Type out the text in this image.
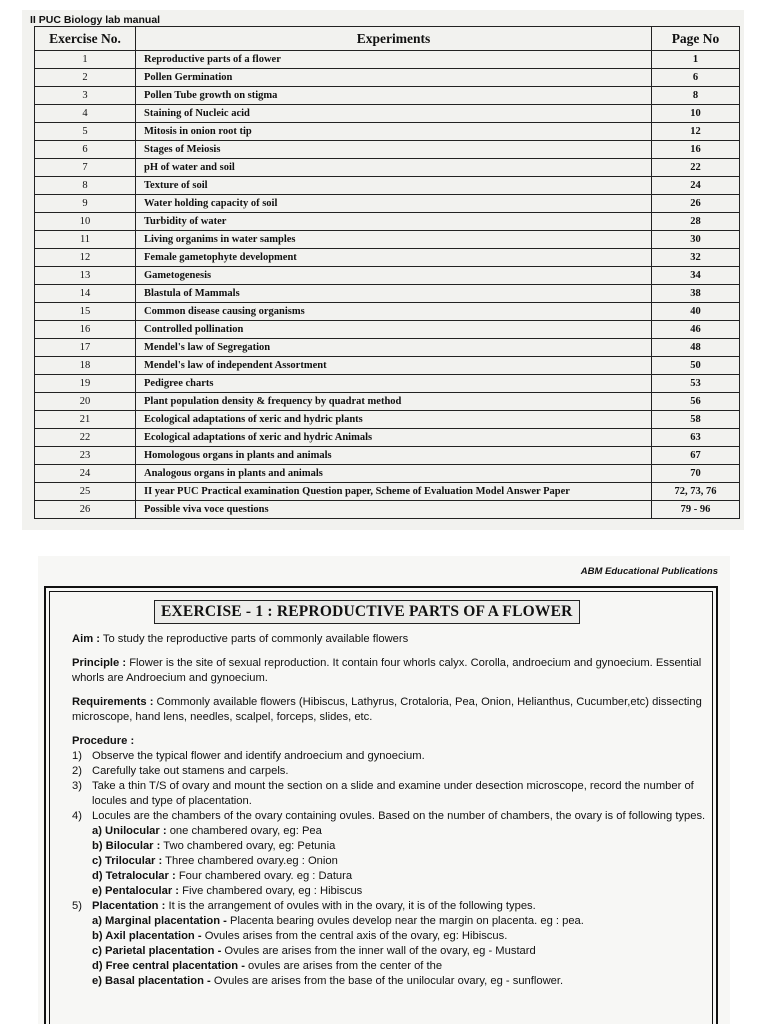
II PUC Biology lab manual
Exercise No.	Experiments	Page No
1	Reproductive parts of a flower	1
2	Pollen Germination	6
3	Pollen Tube growth on stigma	8
4	Staining of Nucleic acid	10
5	Mitosis in onion root tip	12
6	Stages of Meiosis	16
7	pH of water and soil	22
8	Texture of soil	24
9	Water holding capacity of soil	26
10	Turbidity of water	28
11	Living organims in water samples	30
12	Female gametophyte development	32
13	Gametogenesis	34
14	Blastula of Mammals	38
15	Common disease causing organisms	40
16	Controlled pollination	46
17	Mendel's law of Segregation	48
18	Mendel's law of independent Assortment	50
19	Pedigree charts	53
20	Plant population density & frequency by quadrat method	56
21	Ecological adaptations of xeric and hydric plants	58
22	Ecological adaptations of xeric and hydric Animals	63
23	Homologous organs in plants and animals	67
24	Analogous organs in plants and animals	70
25	II year PUC Practical examination Question paper, Scheme of Evaluation Model Answer Paper	72, 73, 76
26	Possible viva voce questions	79 - 96
ABM Educational Publications
EXERCISE - 1 : REPRODUCTIVE PARTS OF A FLOWER
Aim : To study the reproductive parts of commonly available flowers
Principle : Flower is the site of sexual reproduction. It contain four whorls calyx. Corolla, androecium and gynoecium. Essential whorls are Androecium and gynoecium.
Requirements : Commonly available flowers (Hibiscus, Lathyrus, Crotaloria, Pea, Onion, Helianthus, Cucumber,etc) dissecting microscope, hand lens, needles, scalpel, forceps, slides, etc.
Procedure :
1) Observe the typical flower and identify androecium and gynoecium.
2) Carefully take out stamens and carpels.
3) Take a thin T/S of ovary and mount the section on a slide and examine under desection microscope, record the number of locules and type of placentation.
4) Locules are the chambers of the ovary containing ovules. Based on the number of chambers, the ovary is of following types.
a) Unilocular : one chambered ovary, eg: Pea
b) Bilocular : Two chambered ovary, eg: Petunia
c) Trilocular : Three chambered ovary.eg : Onion
d) Tetralocular : Four chambered ovary. eg : Datura
e) Pentalocular : Five chambered ovary, eg : Hibiscus
5) Placentation : It is the arrangement of ovules with in the ovary, it is of the following types.
a) Marginal placentation - Placenta bearing ovules develop near the margin on placenta. eg : pea.
b) Axil placentation - Ovules arises from the central axis of the ovary, eg: Hibiscus.
c) Parietal placentation - Ovules are arises from the inner wall of the ovary, eg - Mustard
d) Free central placentation - ovules are arises from the center of the
e) Basal placentation - Ovules are arises from the base of the unilocular ovary, eg - sunflower.
